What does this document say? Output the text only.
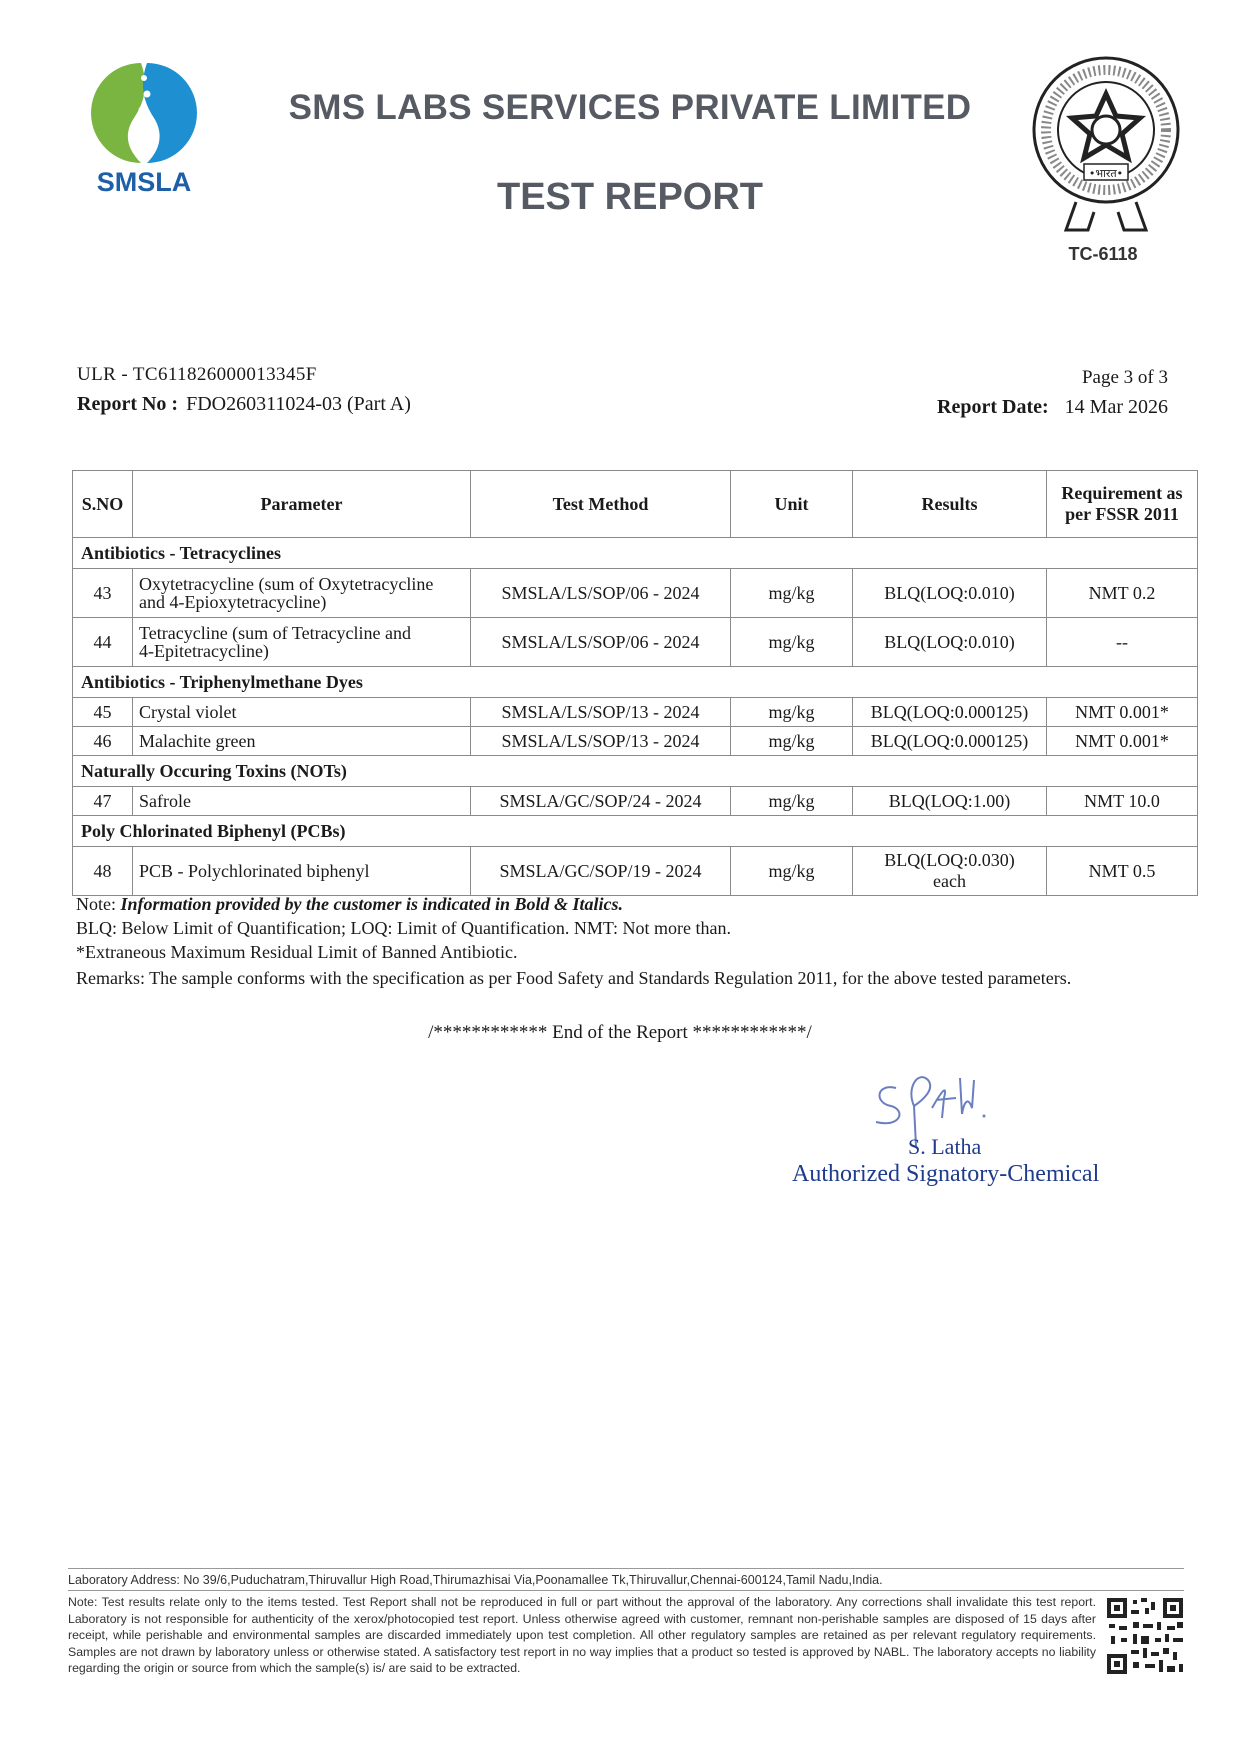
SMSLA
SMS LABS SERVICES PRIVATE LIMITED
TEST REPORT
•भारत•
TC-6118
ULR - TC611826000013345F
Report No : FDO260311024-03 (Part A)
Page 3 of 3
Report Date: 14 Mar 2026
S.NO	Parameter	Test Method	Unit	Results	Requirement as
per FSSR 2011
Antibiotics - Tetracyclines					
43	Oxytetracycline (sum of Oxytetracycline
and 4-Epioxytetracycline)	SMSLA/LS/SOP/06 - 2024	mg/kg	BLQ(LOQ:0.010)	NMT 0.2
44	Tetracycline (sum of Tetracycline and
4-Epitetracycline)	SMSLA/LS/SOP/06 - 2024	mg/kg	BLQ(LOQ:0.010)	--
Antibiotics - Triphenylmethane Dyes					
45	Crystal violet	SMSLA/LS/SOP/13 - 2024	mg/kg	BLQ(LOQ:0.000125)	NMT 0.001*
46	Malachite green	SMSLA/LS/SOP/13 - 2024	mg/kg	BLQ(LOQ:0.000125)	NMT 0.001*
Naturally Occuring Toxins (NOTs)					
47	Safrole	SMSLA/GC/SOP/24 - 2024	mg/kg	BLQ(LOQ:1.00)	NMT 10.0
Poly Chlorinated Biphenyl (PCBs)					
48	PCB - Polychlorinated biphenyl	SMSLA/GC/SOP/19 - 2024	mg/kg	BLQ(LOQ:0.030)
each	NMT 0.5

Note: Information provided by the customer is indicated in Bold & Italics.

BLQ: Below Limit of Quantification; LOQ: Limit of Quantification. NMT: Not more than.

*Extraneous Maximum Residual Limit of Banned Antibiotic.

Remarks: The sample conforms with the specification as per Food Safety and Standards Regulation 2011, for the above tested parameters.

/************ End of the Report ************/
S. Latha
Authorized Signatory-Chemical
Laboratory Address: No 39/6,Puduchatram,Thiruvallur High Road,Thirumazhisai Via,Poonamallee Tk,Thiruvallur,Chennai-600124,Tamil Nadu,India.
Note: Test results relate only to the items tested. Test Report shall not be reproduced in full or part without the approval of the laboratory. Any corrections shall invalidate this test report. Laboratory is not responsible for authenticity of the xerox/photocopied test report. Unless otherwise agreed with customer, remnant non-perishable samples are disposed of 15 days after receipt, while perishable and environmental samples are discarded immediately upon test completion. All other regulatory samples are retained as per relevant regulatory requirements. Samples are not drawn by laboratory unless or otherwise stated. A satisfactory test report in no way implies that a product so tested is approved by NABL. The laboratory accepts no liability regarding the origin or source from which the sample(s) is/ are said to be extracted.
